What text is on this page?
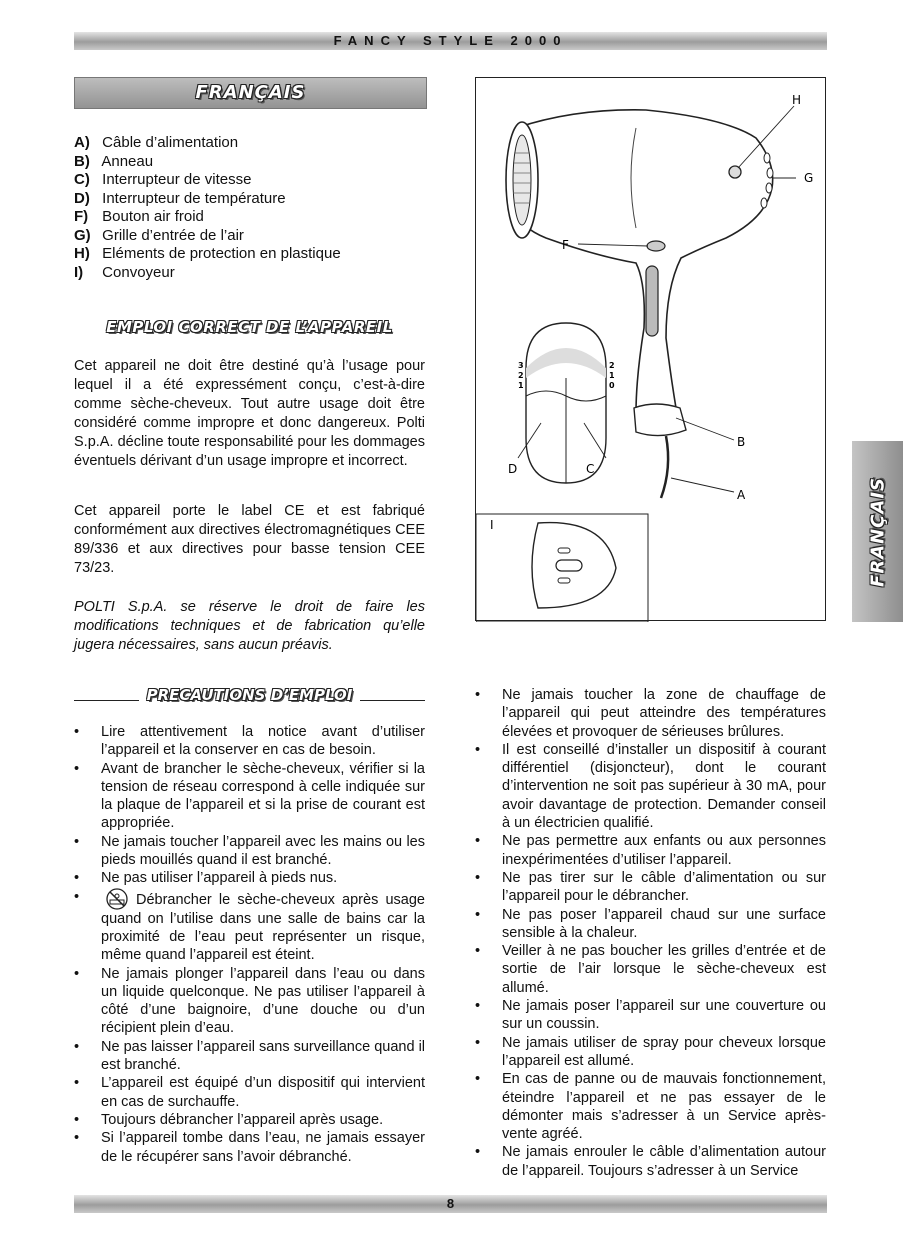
FANCY STYLE 2000
FRANÇAIS
A) Câble d’alimentation
B) Anneau
C) Interrupteur de vitesse
D) Interrupteur de température
F) Bouton air froid
G) Grille d’entrée de l’air
H) Eléments de protection en plastique
I) Convoyeur
EMPLOI CORRECT DE L’APPAREIL

Cet appareil ne doit être destiné qu’à l’usage pour lequel il a été expressément conçu, c’est-à-dire comme sèche-cheveux. Tout autre usage doit être considéré comme impropre et donc dangereux. Polti S.p.A. décline toute responsabilité pour les dommages éventuels dérivant d’un usage impropre et incorrect.

Cet appareil porte le label CE et est fabriqué conformément aux directives électromagnétiques CEE 89/336 et aux directives pour basse tension CEE 73/23.

POLTI S.p.A. se réserve le droit de faire les modifications techniques et de fabrication qu’elle jugera nécessaires, sans aucun préavis.

H
G
F
B
A
D	C
I
3
2
1
2
1
0
FRANÇAIS
PRECAUTIONS D’EMPLOI
• Lire attentivement la notice avant d’utiliser l’appareil et la conserver en cas de besoin.
• Avant de brancher le sèche-cheveux, vérifier si la tension de réseau correspond à celle indiquée sur la plaque de l’appareil et si la prise de courant est appropriée.
• Ne jamais toucher l’appareil avec les mains ou les pieds mouillés quand il est branché.
• Ne pas utiliser l’appareil à pieds nus.
• Débrancher le sèche-cheveux après usage quand on l’utilise dans une salle de bains car la proximité de l’eau peut représenter un risque, même quand l’appareil est éteint.
• Ne jamais plonger l’appareil dans l’eau ou dans un liquide quelconque. Ne pas utiliser l’appareil à côté d’une baignoire, d’une douche ou d’un récipient plein d’eau.
• Ne pas laisser l’appareil sans surveillance quand il est branché.
• L’appareil est équipé d’un dispositif qui intervient en cas de surchauffe.
• Toujours débrancher l’appareil après usage.
• Si l’appareil tombe dans l’eau, ne jamais essayer de le récupérer sans l’avoir débranché.
• Ne jamais toucher la zone de chauffage de l’appareil qui peut atteindre des températures élevées et provoquer de sérieuses brûlures.
• Il est conseillé d’installer un dispositif à courant différentiel (disjoncteur), dont le courant d’intervention ne soit pas supérieur à 30 mA, pour avoir davantage de protection. Demander conseil à un électricien qualifié.
• Ne pas permettre aux enfants ou aux personnes inexpérimentées d’utiliser l’appareil.
• Ne pas tirer sur le câble d’alimentation ou sur l’appareil pour le débrancher.
• Ne pas poser l’appareil chaud sur une surface sensible à la chaleur.
• Veiller à ne pas boucher les grilles d’entrée et de sortie de l’air lorsque le sèche-cheveux est allumé.
• Ne jamais poser l’appareil sur une couverture ou sur un coussin.
• Ne jamais utiliser de spray pour cheveux lorsque l’appareil est allumé.
• En cas de panne ou de mauvais fonctionnement, éteindre l’appareil et ne pas essayer de le démonter mais s’adresser à un Service après-vente agréé.
• Ne jamais enrouler le câble d’alimentation autour de l’appareil. Toujours s’adresser à un Service
8
